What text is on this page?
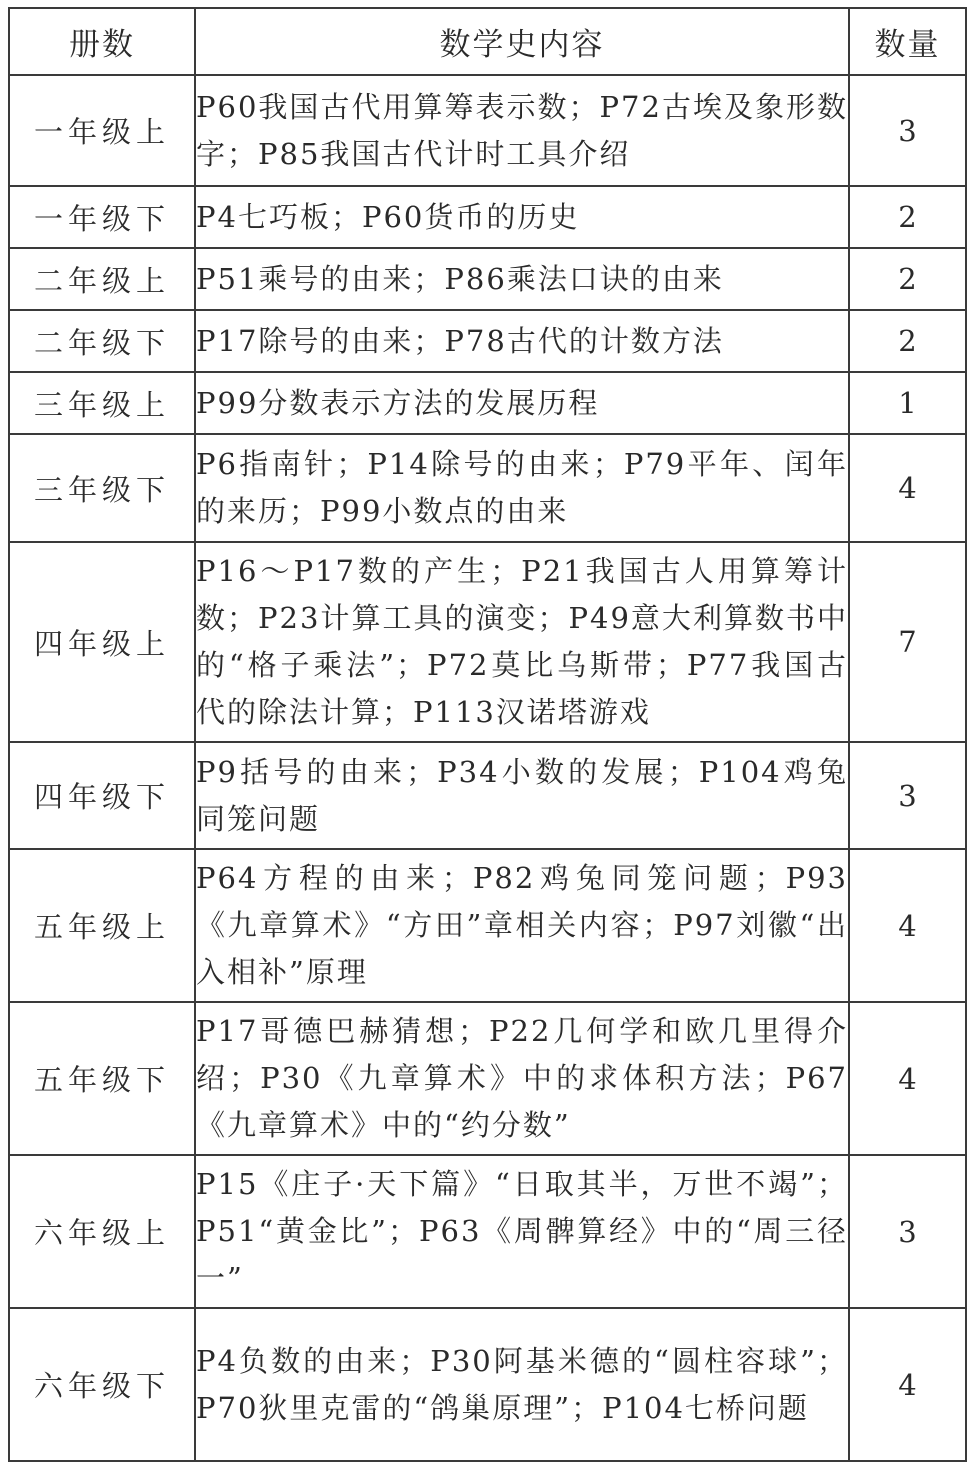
册数	数学史内容	数量
一年级上	P60我国古代用算筹表示数；P72古埃及象形数字；P85我国古代计时工具介绍	3
一年级下	P4七巧板；P60货币的历史	2
二年级上	P51乘号的由来；P86乘法口诀的由来	2
二年级下	P17除号的由来；P78古代的计数方法	2
三年级上	P99分数表示方法的发展历程	1
三年级下	P6指南针；P14除号的由来；P79平年、闰年的来历；P99小数点的由来	4
四年级上	P16～P17数的产生；P21我国古人用算筹计数；P23计算工具的演变；P49意大利算数书中的“格子乘法”；P72莫比乌斯带；P77我国古代的除法计算；P113汉诺塔游戏	7
四年级下	P9括号的由来；P34小数的发展；P104鸡兔同笼问题	3
五年级上	P64方程的由来；P82鸡兔同笼问题；P93《九章算术》“方田”章相关内容；P97刘徽“出入相补”原理	4
五年级下	P17哥德巴赫猜想；P22几何学和欧几里得介绍；P30《九章算术》中的求体积方法；P67《九章算术》中的“约分数”	4
六年级上	P15《庄子·天下篇》“日取其半，万世不竭”；P51“黄金比”；P63《周髀算经》中的“周三径一”	3
六年级下	P4负数的由来；P30阿基米德的“圆柱容球”；P70狄里克雷的“鸽巢原理”；P104七桥问题	4
